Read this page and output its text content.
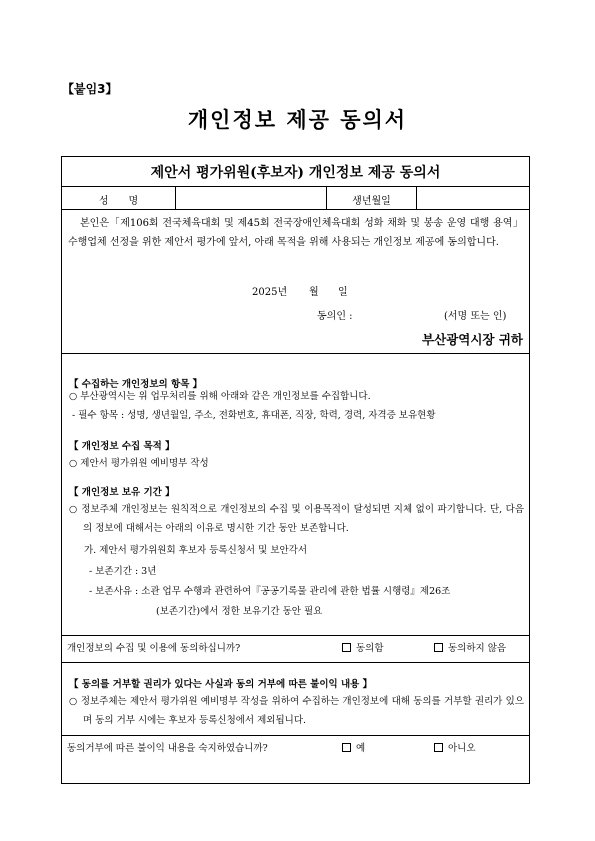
【붙임3】
개인정보 제공 동의서
제안서 평가위원(후보자) 개인정보 제공 동의서
성　　명	생년월일
본인은「제106회 전국체육대회 및 제45회 전국장애인체육대회 성화 채화 및 봉송 운영 대행 용역」수행업체 선정을 위한 제안서 평가에 앞서, 아래 목적을 위해 사용되는 개인정보 제공에 동의합니다.
2025년 월 일
동의인 :	(서명 또는 인)
부산광역시장 귀하
【 수집하는 개인정보의 항목 】
○ 부산광역시는 위 업무처리를 위해 아래와 같은 개인정보를 수집합니다.
- 필수 항목 : 성명, 생년월일, 주소, 전화번호, 휴대폰, 직장, 학력, 경력, 자격증 보유현황
【 개인정보 수집 목적 】
○ 제안서 평가위원 예비명부 작성
【 개인정보 보유 기간 】
○ 정보주체 개인정보는 원칙적으로 개인정보의 수집 및 이용목적이 달성되면 지체 없이 파기합니다. 단, 다음의 정보에 대해서는 아래의 이유로 명시한 기간 동안 보존합니다.
가. 제안서 평가위원회 후보자 등록신청서 및 보안각서
- 보존기간 : 3년
- 보존사유 : 소관 업무 수행과 관련하여『공공기록물 관리에 관한 법률 시행령』제26조
(보존기간)에서 정한 보유기간 동안 필요
개인정보의 수집 및 이용에 동의하십니까?	동의함	동의하지 않음
【 동의를 거부할 권리가 있다는 사실과 동의 거부에 따른 불이익 내용 】
○ 정보주체는 제안서 평가위원 예비명부 작성을 위하여 수집하는 개인정보에 대해 동의를 거부할 권리가 있으며 동의 거부 시에는 후보자 등록신청에서 제외됩니다.
동의거부에 따른 불이익 내용을 숙지하였습니까?	예	아니오
